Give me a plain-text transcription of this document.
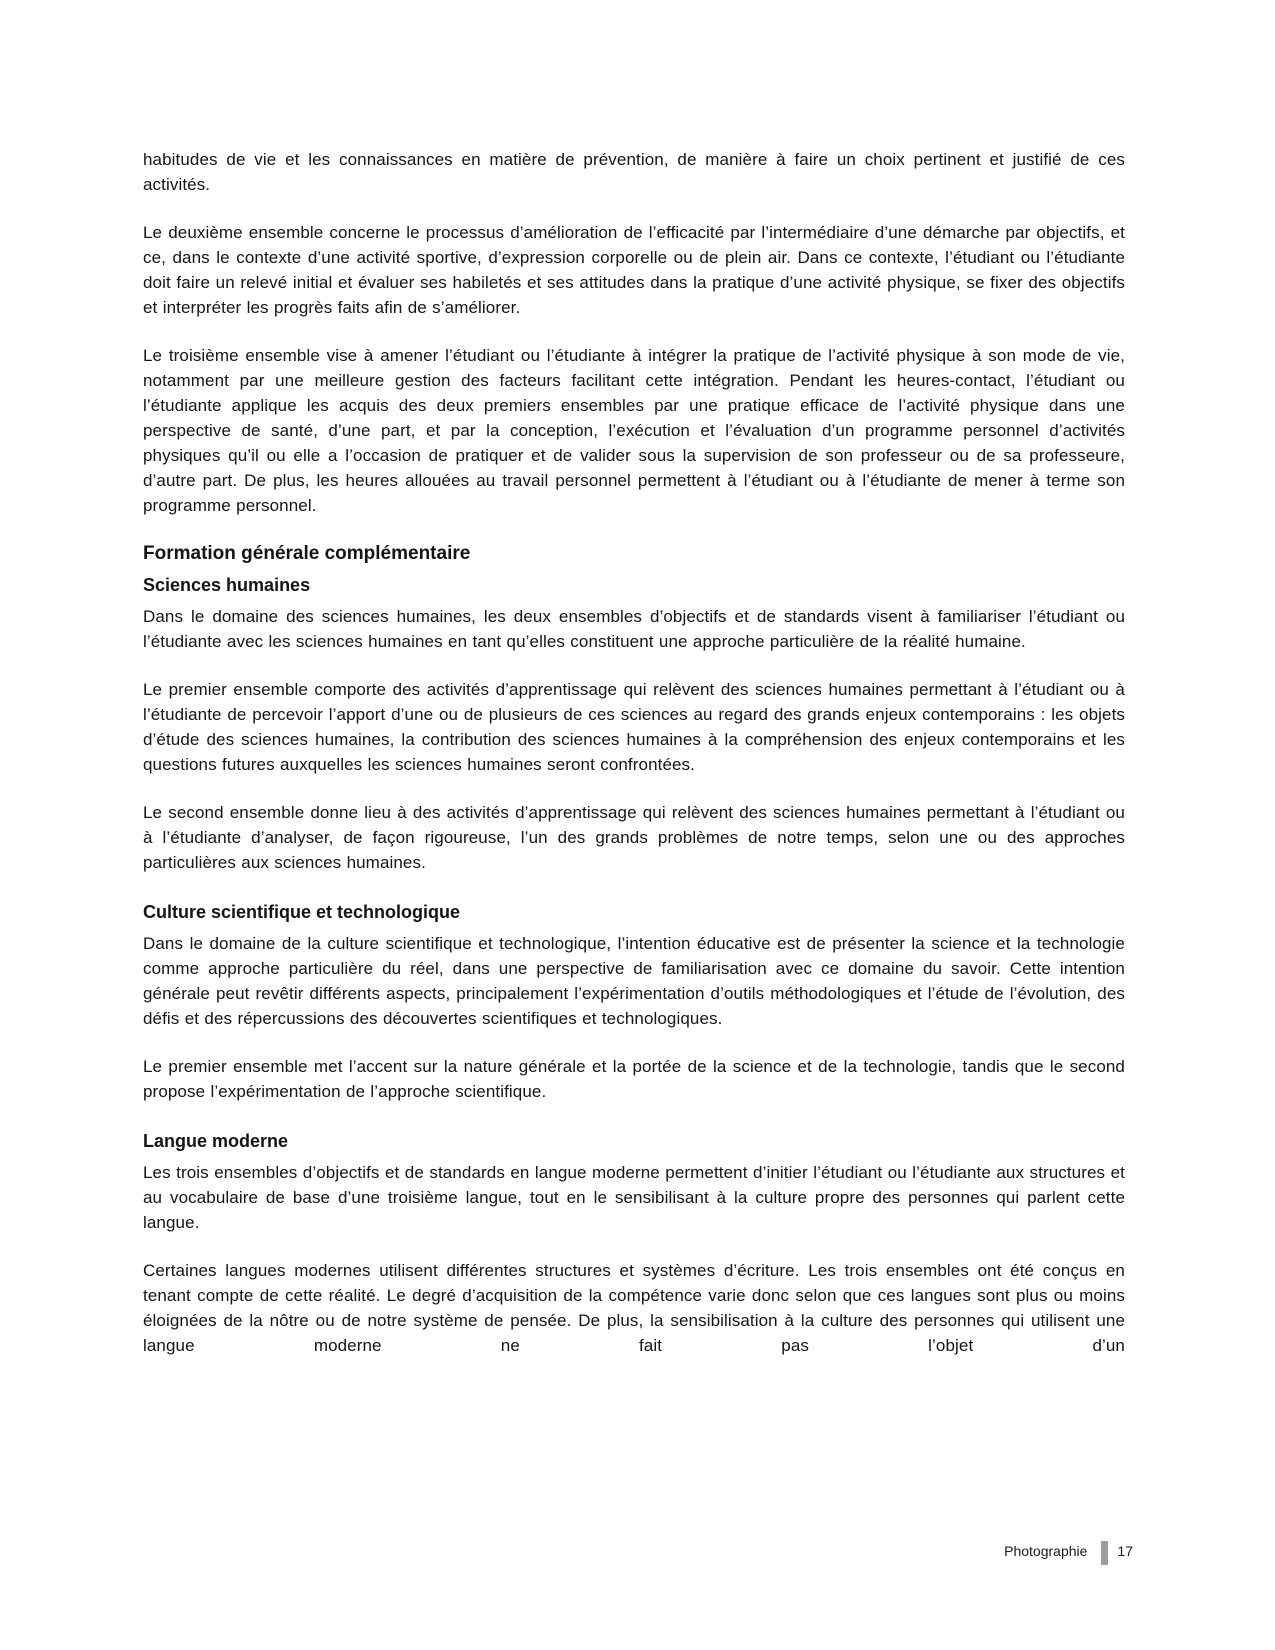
habitudes de vie et les connaissances en matière de prévention, de manière à faire un choix pertinent et justifié de ces activités.

Le deuxième ensemble concerne le processus d’amélioration de l’efficacité par l’intermédiaire d’une démarche par objectifs, et ce, dans le contexte d’une activité sportive, d’expression corporelle ou de plein air. Dans ce contexte, l’étudiant ou l’étudiante doit faire un relevé initial et évaluer ses habiletés et ses attitudes dans la pratique d’une activité physique, se fixer des objectifs et interpréter les progrès faits afin de s’améliorer.

Le troisième ensemble vise à amener l’étudiant ou l’étudiante à intégrer la pratique de l’activité physique à son mode de vie, notamment par une meilleure gestion des facteurs facilitant cette intégration. Pendant les heures-contact, l’étudiant ou l’étudiante applique les acquis des deux premiers ensembles par une pratique efficace de l’activité physique dans une perspective de santé, d’une part, et par la conception, l’exécution et l’évaluation d’un programme personnel d’activités physiques qu’il ou elle a l’occasion de pratiquer et de valider sous la supervision de son professeur ou de sa professeure, d’autre part. De plus, les heures allouées au travail personnel permettent à l’étudiant ou à l’étudiante de mener à terme son programme personnel.

Formation générale complémentaire
Sciences humaines

Dans le domaine des sciences humaines, les deux ensembles d’objectifs et de standards visent à familiariser l’étudiant ou l’étudiante avec les sciences humaines en tant qu’elles constituent une approche particulière de la réalité humaine.

Le premier ensemble comporte des activités d’apprentissage qui relèvent des sciences humaines permettant à l’étudiant ou à l’étudiante de percevoir l’apport d’une ou de plusieurs de ces sciences au regard des grands enjeux contemporains : les objets d’étude des sciences humaines, la contribution des sciences humaines à la compréhension des enjeux contemporains et les questions futures auxquelles les sciences humaines seront confrontées.

Le second ensemble donne lieu à des activités d’apprentissage qui relèvent des sciences humaines permettant à l’étudiant ou à l’étudiante d’analyser, de façon rigoureuse, l’un des grands problèmes de notre temps, selon une ou des approches particulières aux sciences humaines.

Culture scientifique et technologique

Dans le domaine de la culture scientifique et technologique, l’intention éducative est de présenter la science et la technologie comme approche particulière du réel, dans une perspective de familiarisation avec ce domaine du savoir. Cette intention générale peut revêtir différents aspects, principalement l’expérimentation d’outils méthodologiques et l’étude de l’évolution, des défis et des répercussions des découvertes scientifiques et technologiques.

Le premier ensemble met l’accent sur la nature générale et la portée de la science et de la technologie, tandis que le second propose l’expérimentation de l’approche scientifique.

Langue moderne

Les trois ensembles d’objectifs et de standards en langue moderne permettent d’initier l’étudiant ou l’étudiante aux structures et au vocabulaire de base d’une troisième langue, tout en le sensibilisant à la culture propre des personnes qui parlent cette langue.

Certaines langues modernes utilisent différentes structures et systèmes d’écriture. Les trois ensembles ont été conçus en tenant compte de cette réalité. Le degré d’acquisition de la compétence varie donc selon que ces langues sont plus ou moins éloignées de la nôtre ou de notre système de pensée. De plus, la sensibilisation à la culture des personnes qui utilisent une langue moderne ne fait pas l’objet d’un

Photographie 17
